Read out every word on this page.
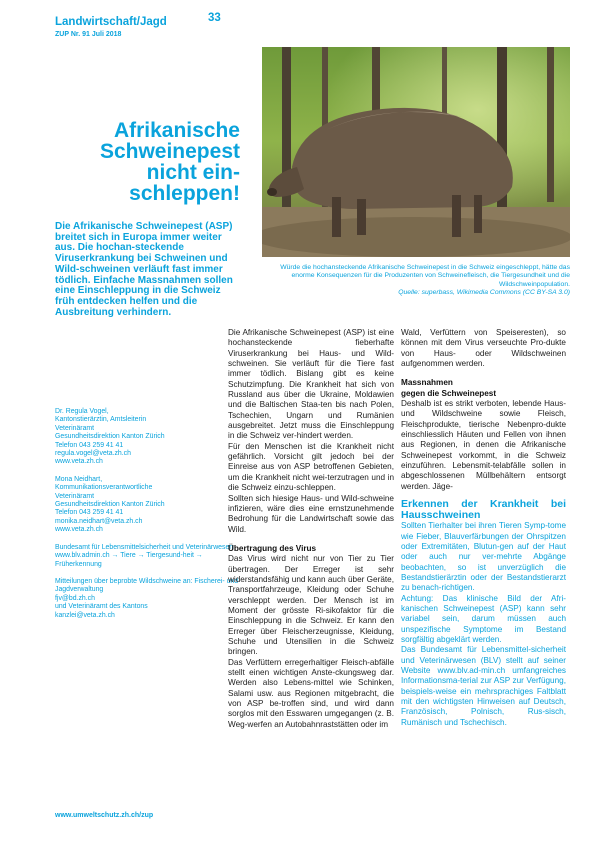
Landwirtschaft/Jagd	33
ZUP Nr. 91 Juli 2018
Würde die hochansteckende Afrikanische Schweinepest in die Schweiz eingeschleppt, hätte das enorme Konsequenzen für die Produzenten von Schweinefleisch, die Tiergesundheit und die Wildschweinpopulation.
Quelle: superbass, Wikimedia Commons (CC BY-SA 3.0)
Afrikanische Schweinepest nicht ein-schleppen!

Die Afrikanische Schweinepest (ASP) breitet sich in Europa immer weiter aus. Die hochan-steckende Viruserkrankung bei Schweinen und Wild-schweinen verläuft fast immer tödlich. Einfache Massnahmen sollen eine Einschleppung in die Schweiz früh entdecken helfen und die Ausbreitung verhindern.

Dr. Regula Vogel,
Kantonstierärztin, Amtsleiterin
Veterinäramt
Gesundheitsdirektion Kanton Zürich
Telefon 043 259 41 41
regula.vogel@veta.zh.ch
www.veta.zh.ch

Mona Neidhart,
Kommunikationsverantwortliche
Veterinäramt
Gesundheitsdirektion Kanton Zürich
Telefon 043 259 41 41
monika.neidhart@veta.zh.ch
www.veta.zh.ch

Bundesamt für Lebensmittelsicherheit und Veterinärwesen
www.blv.admin.ch → Tiere → Tiergesund-heit → Früherkennung

Mitteilungen über beprobte Wildschweine an: Fischerei- und Jagdverwaltung
fjv@bd.zh.ch
und Veterinäramt des Kantons
kanzlei@veta.zh.ch

Die Afrikanische Schweinepest (ASP) ist eine hochansteckende fieberhafte Viruserkrankung bei Haus- und Wild-schweinen. Sie verläuft für die Tiere fast immer tödlich. Bislang gibt es keine Schutzimpfung. Die Krankheit hat sich von Russland aus über die Ukraine, Moldawien und die Baltischen Staa-ten bis nach Polen, Tschechien, Ungarn und Rumänien ausgebreitet. Jetzt muss die Einschleppung in die Schweiz ver-hindert werden.

Für den Menschen ist die Krankheit nicht gefährlich. Vorsicht gilt jedoch bei der Einreise aus von ASP betroffenen Gebieten, um die Krankheit nicht wei-terzutragen und in die Schweiz einzu-schleppen.

Sollten sich hiesige Haus- und Wild-schweine infizieren, wäre dies eine ernstzunehmende Bedrohung für die Landwirtschaft sowie das Wild.

Übertragung des Virus

Das Virus wird nicht nur von Tier zu Tier übertragen. Der Erreger ist sehr widerstandsfähig und kann auch über Geräte, Transportfahrzeuge, Kleidung oder Schuhe verschleppt werden. Der Mensch ist im Moment der grösste Ri-sikofaktor für die Einschleppung in die Schweiz. Er kann den Erreger über Fleischerzeugnisse, Kleidung, Schuhe und Utensilien in die Schweiz bringen.

Das Verfüttern erregerhaltiger Fleisch-abfälle stellt einen wichtigen Anste-ckungsweg dar. Werden also Lebens-mittel wie Schinken, Salami usw. aus Regionen mitgebracht, die von ASP be-troffen sind, und wird dann sorglos mit den Esswaren umgegangen (z. B. Weg-werfen an Autobahnraststätten oder im

Wald, Verfüttern von Speiseresten), so können mit dem Virus verseuchte Pro-dukte von Haus- oder Wildschweinen aufgenommen werden.

Massnahmen
gegen die Schweinepest

Deshalb ist es strikt verboten, lebende Haus- und Wildschweine sowie Fleisch, Fleischprodukte, tierische Nebenpro-dukte einschliesslich Häuten und Fellen von ihnen aus Regionen, in denen die Afrikanische Schweinepest vorkommt, in die Schweiz einzuführen. Lebensmit-telabfälle sollen in abgeschlossenen Müllbehältern entsorgt werden. Jäge-

Erkennen der Krankheit bei Hausschweinen

Sollten Tierhalter bei ihren Tieren Symp-tome wie Fieber, Blauverfärbungen der Ohrspitzen oder Extremitäten, Blutun-gen auf der Haut oder auch nur ver-mehrte Abgänge beobachten, so ist unverzüglich die Bestandstierärztin oder der Bestandstierarzt zu benach-richtigen.

Achtung: Das klinische Bild der Afri-kanischen Schweinepest (ASP) kann sehr variabel sein, darum müssen auch unspezifische Symptome im Bestand sorgfältig abgeklärt werden.

Das Bundesamt für Lebensmittel-sicherheit und Veterinärwesen (BLV) stellt auf seiner Website www.blv.ad-min.ch umfangreiches Informationsma-terial zur ASP zur Verfügung, beispiels-weise ein mehrsprachiges Faltblatt mit den wichtigsten Hinweisen auf Deutsch, Französisch, Polnisch, Rus-sisch, Rumänisch und Tschechisch.

www.umweltschutz.zh.ch/zup
